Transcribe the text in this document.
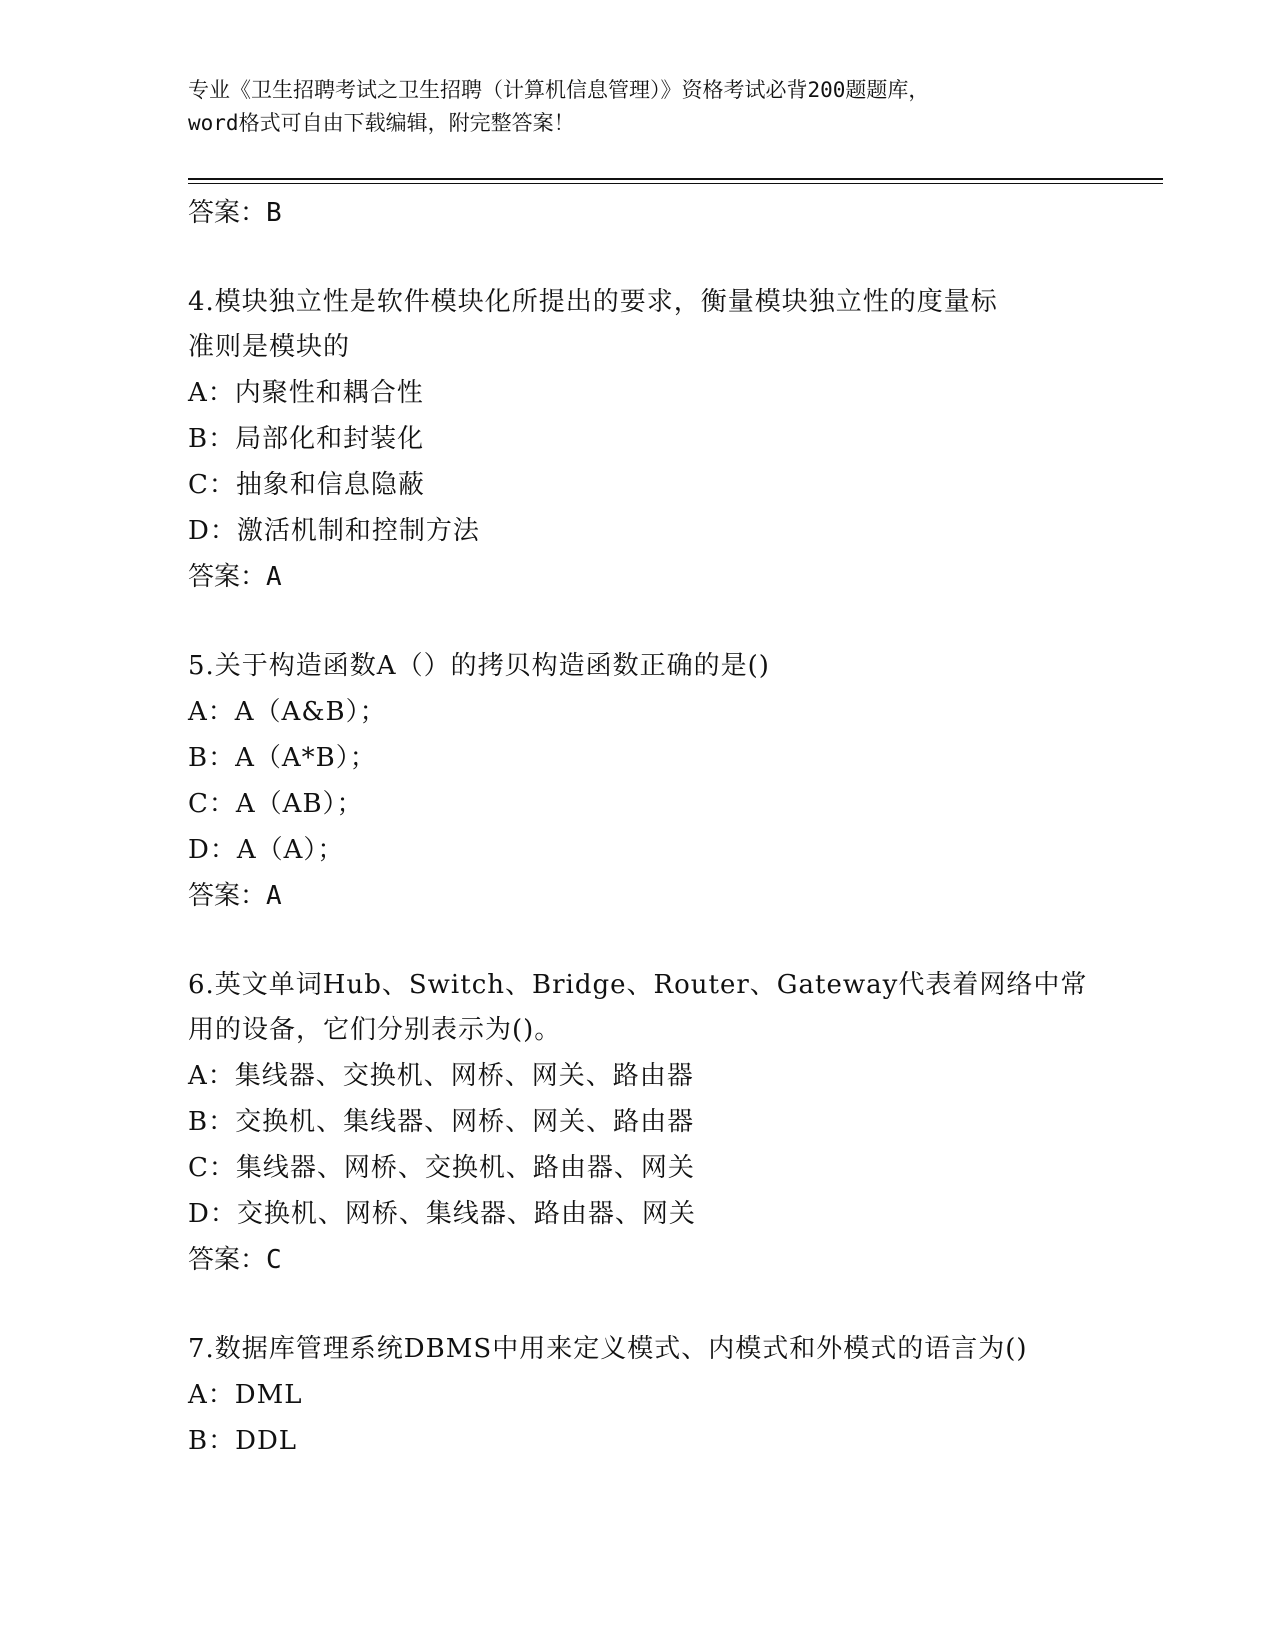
专业《卫生招聘考试之卫生招聘（计算机信息管理）》资格考试必背200题题库，
word格式可自由下载编辑，附完整答案！
答案：B
4.模块独立性是软件模块化所提出的要求，衡量模块独立性的度量标
准则是模块的
A：内聚性和耦合性
B：局部化和封装化
C：抽象和信息隐蔽
D：激活机制和控制方法
答案：A
5.关于构造函数A（）的拷贝构造函数正确的是()
A：A（A&B）；
B：A（A*B）；
C：A（AB）；
D：A（A）；
答案：A
6.英文单词Hub、Switch、Bridge、Router、Gateway代表着网络中常
用的设备，它们分别表示为()。
A：集线器、交换机、网桥、网关、路由器
B：交换机、集线器、网桥、网关、路由器
C：集线器、网桥、交换机、路由器、网关
D：交换机、网桥、集线器、路由器、网关
答案：C
7.数据库管理系统DBMS中用来定义模式、内模式和外模式的语言为()
A：DML
B：DDL
